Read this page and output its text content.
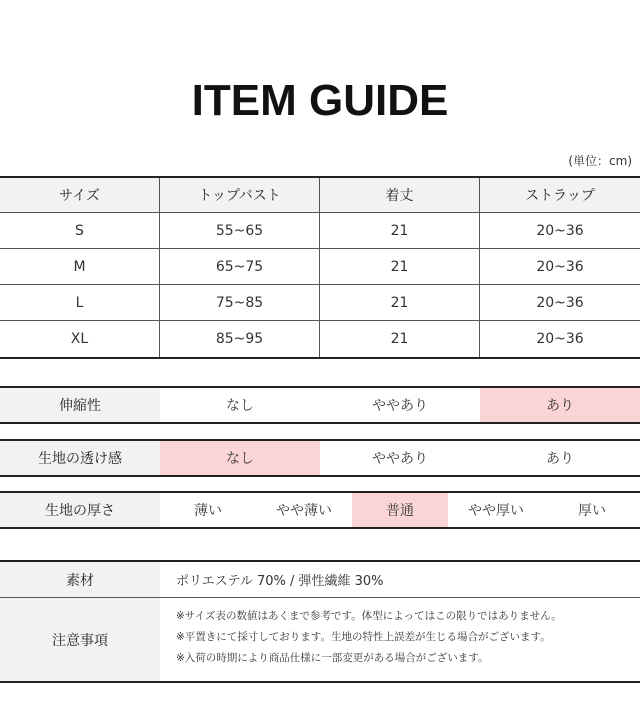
ITEM GUIDE
(単位：cm)
サイズ	トップバスト	着丈	ストラップ
S	55~65	21	20~36
M	65~75	21	20~36
L	75~85	21	20~36
XL	85~95	21	20~36
伸縮性	なし	ややあり	あり
生地の透け感	なし	ややあり	あり
生地の厚さ	薄い	やや薄い	普通	やや厚い	厚い
素材	ポリエステル 70% / 弾性繊維 30%
注意事項
※サイズ表の数値はあくまで参考です。体型によってはこの限りではありません。
※平置きにて採寸しております。生地の特性上誤差が生じる場合がございます。
※入荷の時期により商品仕様に一部変更がある場合がございます。
